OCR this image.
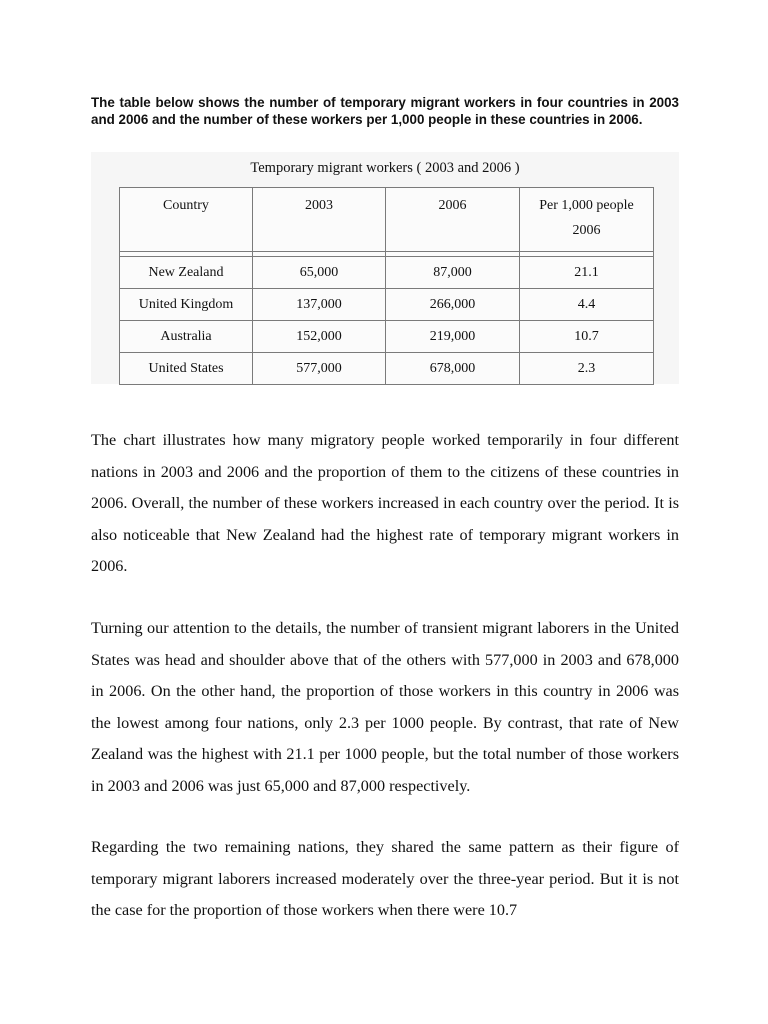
The table below shows the number of temporary migrant workers in four countries in 2003 and 2006 and the number of these workers per 1,000 people in these countries in 2006.

Temporary migrant workers ( 2003 and 2006 )

Country	2003	2006	Per 1,000 people
2006

New Zealand	65,000	87,000	21.1
United Kingdom	137,000	266,000	4.4
Australia	152,000	219,000	10.7
United States	577,000	678,000	2.3

The chart illustrates how many migratory people worked temporarily in four different nations in 2003 and 2006 and the proportion of them to the citizens of these countries in 2006. Overall, the number of these workers increased in each country over the period. It is also noticeable that New Zealand had the highest rate of temporary migrant workers in 2006.

Turning our attention to the details, the number of transient migrant laborers in the United States was head and shoulder above that of the others with 577,000 in 2003 and 678,000 in 2006. On the other hand, the proportion of those workers in this country in 2006 was the lowest among four nations, only 2.3 per 1000 people. By contrast, that rate of New Zealand was the highest with 21.1 per 1000 people, but the total number of those workers in 2003 and 2006 was just 65,000 and 87,000 respectively.

Regarding the two remaining nations, they shared the same pattern as their figure of temporary migrant laborers increased moderately over the three-year period. But it is not the case for the proportion of those workers when there were 10.7
